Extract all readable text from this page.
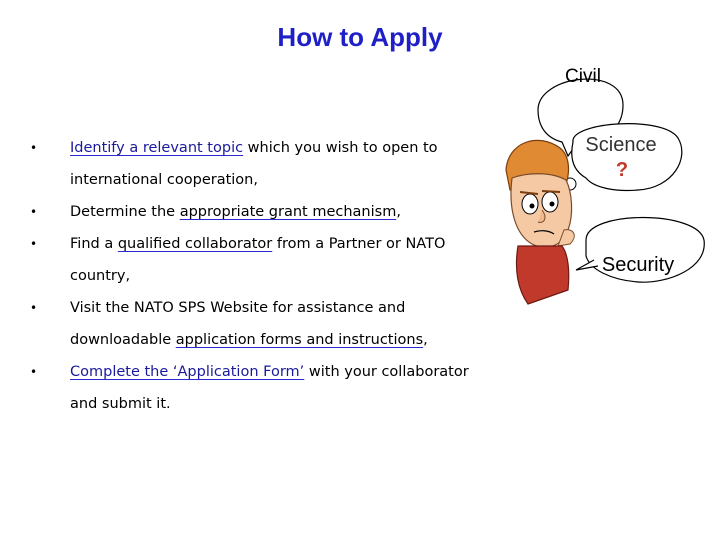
How to Apply
• Identify a relevant topic which you wish to open to international cooperation,
• Determine the appropriate grant mechanism,
• Find a qualified collaborator from a Partner or NATO country,
• Visit the NATO SPS Website for assistance and downloadable application forms and instructions,
• Complete the ‘Application Form’ with your collaborator and submit it.
Civil
Science
?
Security
